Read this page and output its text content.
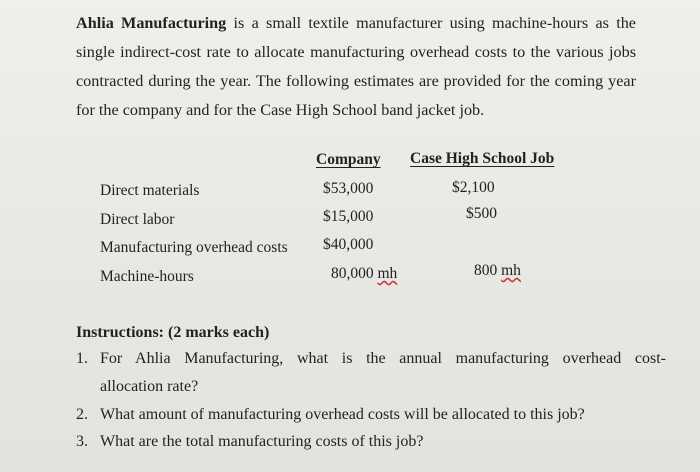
Ahlia Manufacturing is a small textile manufacturer using machine-hours as the single indirect-cost rate to allocate manufacturing overhead costs to the various jobs contracted during the year. The following estimates are provided for the coming year for the company and for the Case High School band jacket job.
Company Case High School Job
Direct materials	$53,000	$2,100
Direct labor	$15,000	$500
Manufacturing overhead costs $40,000
Machine-hours	80,000 mh	800 mh
Instructions: (2 marks each)
1. For Ahlia Manufacturing, what is the annual manufacturing overhead cost-
allocation rate?
2. What amount of manufacturing overhead costs will be allocated to this job?
3. What are the total manufacturing costs of this job?
